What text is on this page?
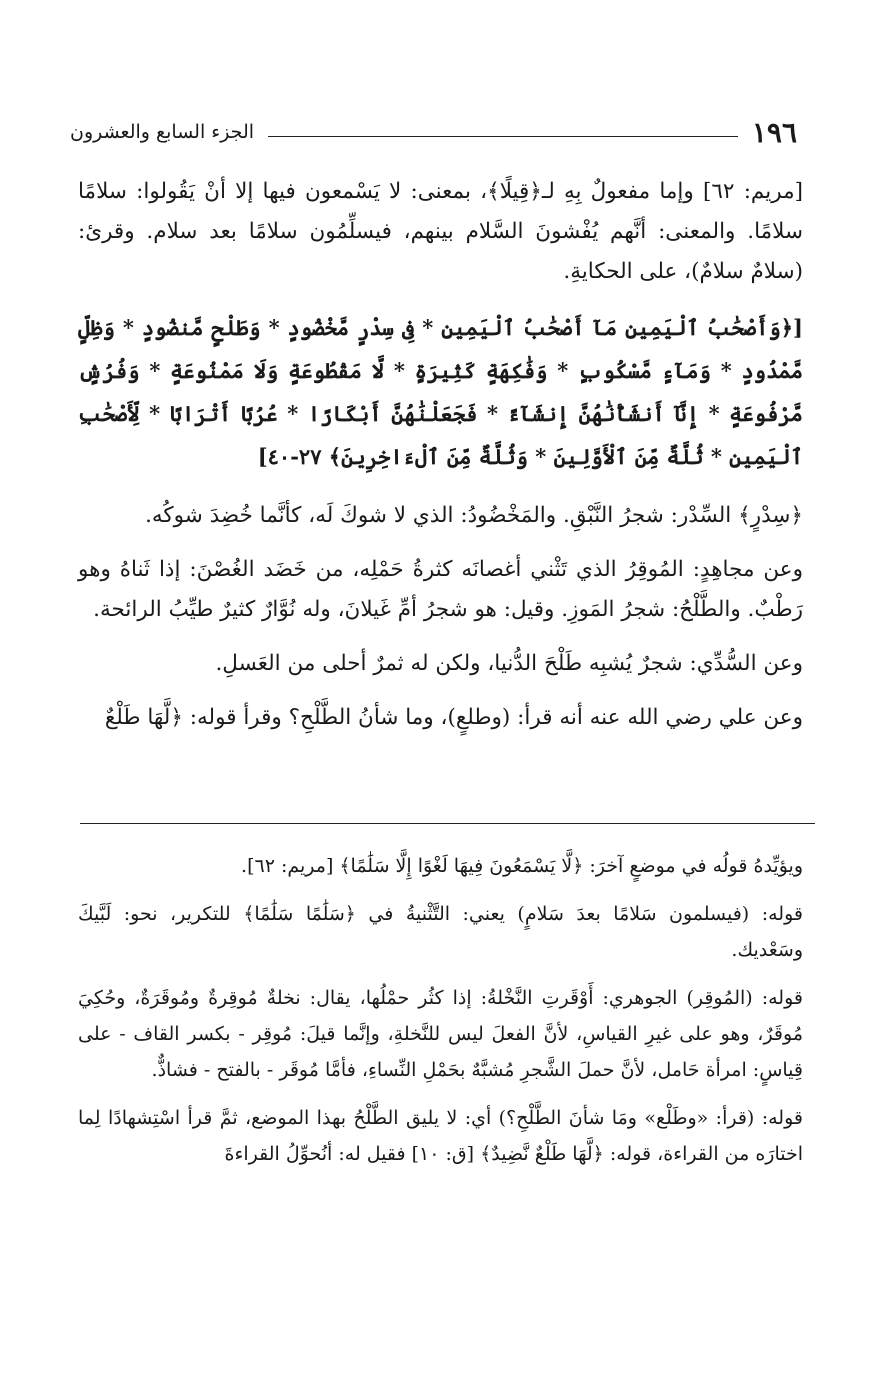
١٩٦
الجزء السابع والعشرون

[مريم: ٦٢] وإما مفعولٌ بِهِ لـ﴿قِيلًا﴾، بمعنى: لا يَسْمعون فيها إلا أنْ يَقُولوا: سلامًا سلامًا. والمعنى: أنَّهم يُفْشونَ السَّلام بينهم، فيسلِّمُون سلامًا بعد سلام. وقرئ: (سلامٌ سلامٌ)، على الحكايةِ.

[﴿وَأَصْحَٰبُ ٱلْيَمِينِ مَآ أَصْحَٰبُ ٱلْيَمِينِ * فِى سِدْرٍ مَّخْضُودٍ * وَطَلْحٍ مَّنضُودٍ * وَظِلٍّ مَّمْدُودٍ * وَمَآءٍ مَّسْكُوبٍ * وَفَٰكِهَةٍ كَثِيرَةٍ * لَّا مَقْطُوعَةٍ وَلَا مَمْنُوعَةٍ * وَفُرُشٍ مَّرْفُوعَةٍ * إِنَّآ أَنشَأْنَٰهُنَّ إِنشَآءً * فَجَعَلْنَٰهُنَّ أَبْكَارًا * عُرُبًا أَتْرَابًا * لِّأَصْحَٰبِ ٱلْيَمِينِ * ثُلَّةٌ مِّنَ ٱلْأَوَّلِينَ * وَثُلَّةٌ مِّنَ ٱلْءَاخِرِينَ﴾ ٢٧-٤٠]

﴿سِدْرٍ﴾ السِّدْر: شجرُ النَّبْقِ. والمَخْضُودُ: الذي لا شوكَ لَه، كأنَّما خُضِدَ شوكُه.

وعن مجاهِدٍ: المُوقِرُ الذي تَثْني أغصانَه كثرةُ حَمْلِه، من خَضَد الغُصْنَ: إذا ثَناهُ وهو رَطْبٌ. والطَّلْحُ: شجرُ المَوزِ. وقيل: هو شجرُ أمِّ غَيلانَ، وله نُوَّارٌ كثيرٌ طيِّبُ الرائحة.

وعن السُّدِّي: شجرٌ يُشبِه طَلْحَ الدُّنيا، ولكن له ثمرٌ أحلى من العَسلِ.

وعن علي رضي الله عنه أنه قرأ: (وطلعٍ)، وما شأنُ الطَّلْحِ؟ وقرأ قوله: ﴿لَّهَا طَلْعٌ

ويؤيِّدهُ قولُه في موضعٍ آخرَ: ﴿لَّا يَسْمَعُونَ فِيهَا لَغْوًا إِلَّا سَلَٰمًا﴾ [مريم: ٦٢].

قوله: (فيسلمون سَلامًا بعدَ سَلامٍ) يعني: التَّثْنيةُ في ﴿سَلَٰمًا سَلَٰمًا﴾ للتكرير، نحو: لَبَّيكَ وسَعْديك.

قوله: (المُوقِر) الجوهري: أَوْقَرتِ النَّخْلةُ: إذا كثُر حمْلُها، يقال: نخلةٌ مُوقِرةٌ ومُوقَرَةٌ، وحُكِيَ مُوقَرٌ، وهو على غيرِ القياسِ، لأنَّ الفعلَ ليس للنَّخلةِ، وإنَّما قيلَ: مُوقِر - بكسر القاف - على قِياسٍ: امرأة حَامل، لأنَّ حملَ الشَّجرِ مُشبَّهٌ بحَمْلِ النِّساءِ، فأمَّا مُوقَر - بالفتح - فشاذٌّ.

قوله: (قرأ: «وطَلْع» ومَا شأنَ الطَّلْحِ؟) أي: لا يليق الطَّلْحُ بهذا الموضع، ثمَّ قرأ اسْتِشهادًا لِما اختارَه من القراءة، قوله: ﴿لَّهَا طَلْعٌ نَّضِيدٌ﴾ [ق: ١٠] فقيل له: أنُحوِّلُ القراءةَ
